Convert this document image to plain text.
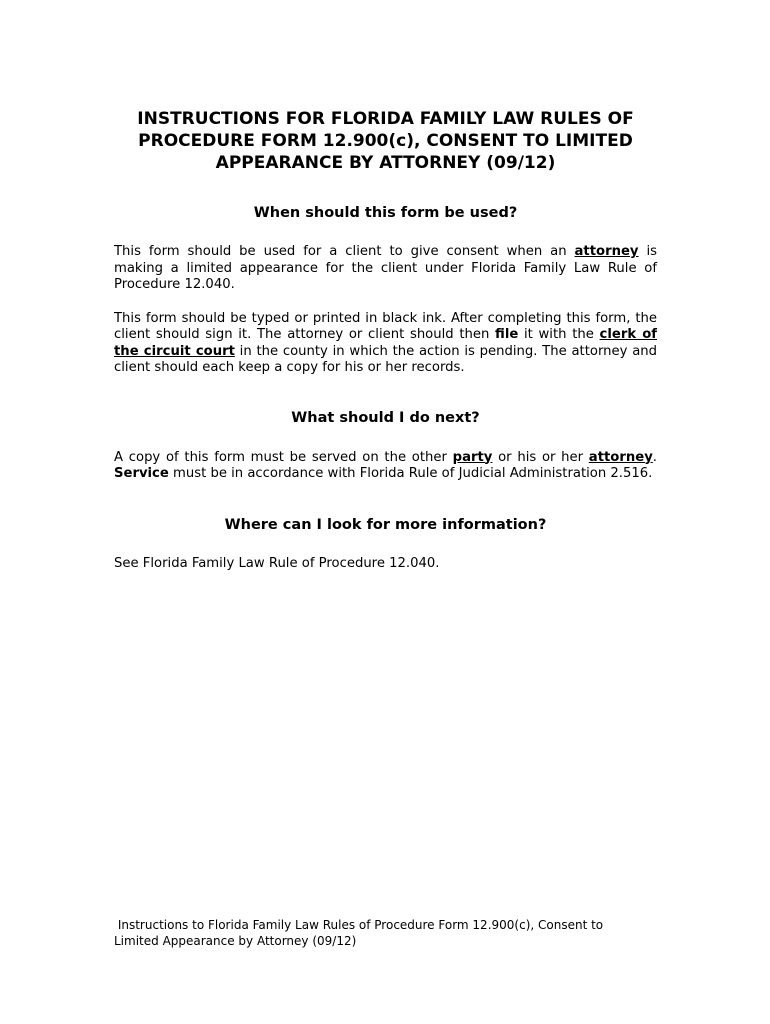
INSTRUCTIONS FOR FLORIDA FAMILY LAW RULES OF PROCEDURE FORM 12.900(c), CONSENT TO LIMITED APPEARANCE BY ATTORNEY (09/12)
When should this form be used?

This form should be used for a client to give consent when an attorney is making a limited appearance for the client under Florida Family Law Rule of Procedure 12.040.

This form should be typed or printed in black ink. After completing this form, the client should sign it. The attorney or client should then file it with the clerk of the circuit court in the county in which the action is pending. The attorney and client should each keep a copy for his or her records.

What should I do next?

A copy of this form must be served on the other party or his or her attorney. Service must be in accordance with Florida Rule of Judicial Administration 2.516.

Where can I look for more information?

See Florida Family Law Rule of Procedure 12.040.

Instructions to Florida Family Law Rules of Procedure Form 12.900(c), Consent to Limited Appearance by Attorney (09/12)
